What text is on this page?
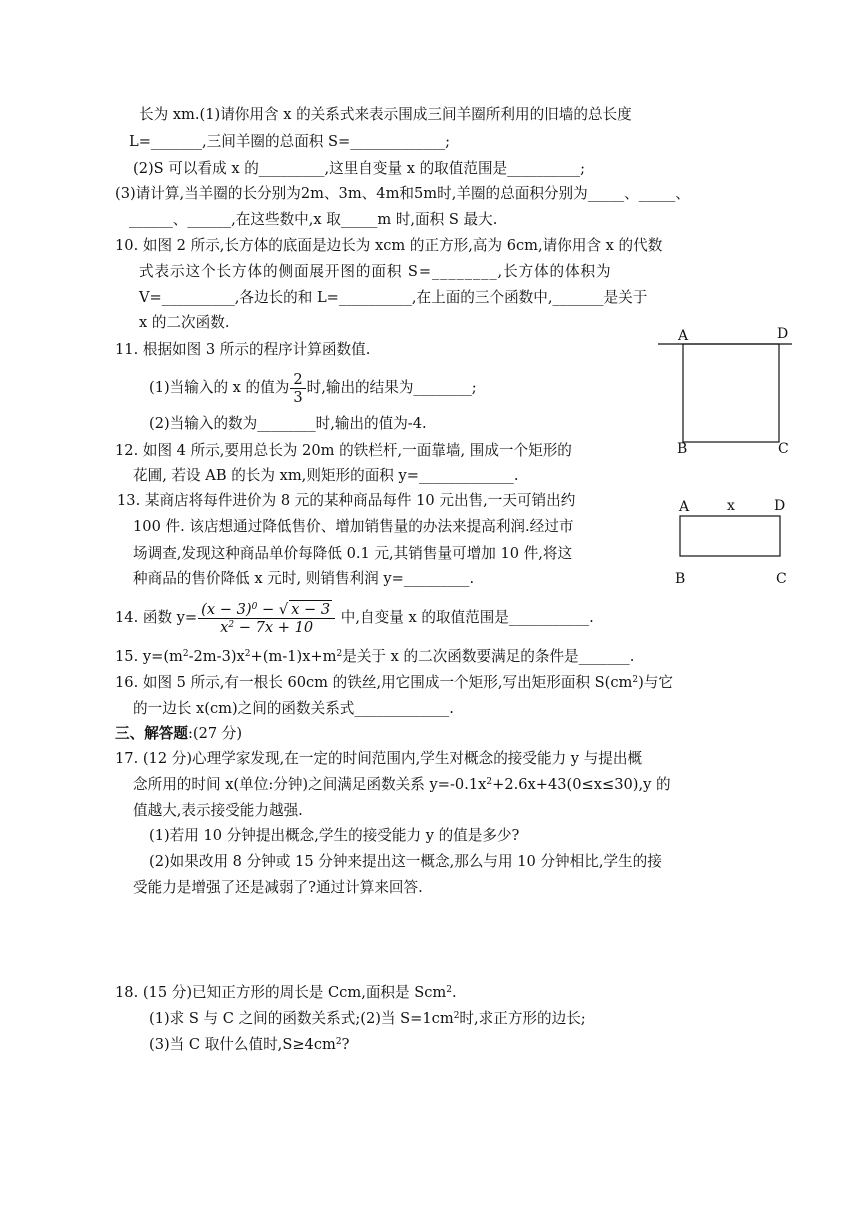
长为 xm.(1)请你用含 x 的关系式来表示围成三间羊圈所利用的旧墙的总长度
L=_______,三间羊圈的总面积 S=_____________;
(2)S 可以看成 x 的_________,这里自变量 x 的取值范围是__________;
(3)请计算,当羊圈的长分别为2m、3m、4m和5m时,羊圈的总面积分别为_____、_____、
______、______,在这些数中,x 取_____m 时,面积 S 最大.
10. 如图 2 所示,长方体的底面是边长为 xcm 的正方形,高为 6cm,请你用含 x 的代数
式表示这个长方体的侧面展开图的面积 S=________,长方体的体积为
V=__________,各边长的和 L=__________,在上面的三个函数中,_______是关于
x 的二次函数.
11. 根据如图 3 所示的程序计算函数值.
(1)当输入的 x 的值为 $\frac{2}{3}$ 时,输出的结果为________;
(2)当输入的数为________时,输出的值为-4.
12. 如图 4 所示,要用总长为 20m 的铁栏杆,一面靠墙, 围成一个矩形的
花圃, 若设 AB 的长为 xm,则矩形的面积 y=_____________.
13. 某商店将每件进价为 8 元的某种商品每件 10 元出售,一天可销出约
100 件. 该店想通过降低售价、增加销售量的办法来提高利润.经过市
场调查,发现这种商品单价每降低 0.1 元,其销售量可增加 10 件,将这
种商品的售价降低 x 元时, 则销售利润 y=_________.
14. 函数 $y= \frac{(x - 3)^0 - √ x - 3}{x^2 - 7x + 10}$ 中,自变量 x 的取值范围是___________.
15. $y=(m^2-2m-3)x^2+(m-1)x+m^2$是关于 x 的二次函数要满足的条件是_______.
16. 如图 5 所示,有一根长 60cm 的铁丝,用它围成一个矩形,写出矩形面积 $S(cm^2)$与它
的一边长 x(cm)之间的函数关系式_____________.
三、解答题:(27 分)
17. (12 分)心理学家发现,在一定的时间范围内,学生对概念的接受能力 y 与提出概
念所用的时间 x(单位:分钟)之间满足函数关系 $y=-0.1x^2+2.6x+43(0\le x\le 30),y$ 的
值越大,表示接受能力越强.
(1)若用 10 分钟提出概念,学生的接受能力 y 的值是多少?
(2)如果改用 8 分钟或 15 分钟来提出这一概念,那么与用 10 分钟相比,学生的接
受能力是增强了还是减弱了?通过计算来回答.
18. (15 分)已知正方形的周长是 Ccm,面积是 Scm$^2$.
(1)求 S 与 C 之间的函数关系式;(2)当 $S=1cm^2$时,求正方形的边长;
(3)当 C 取什么值时$,S\ge 4cm^2$?
A	D
B	C
A	x	D
B	C
